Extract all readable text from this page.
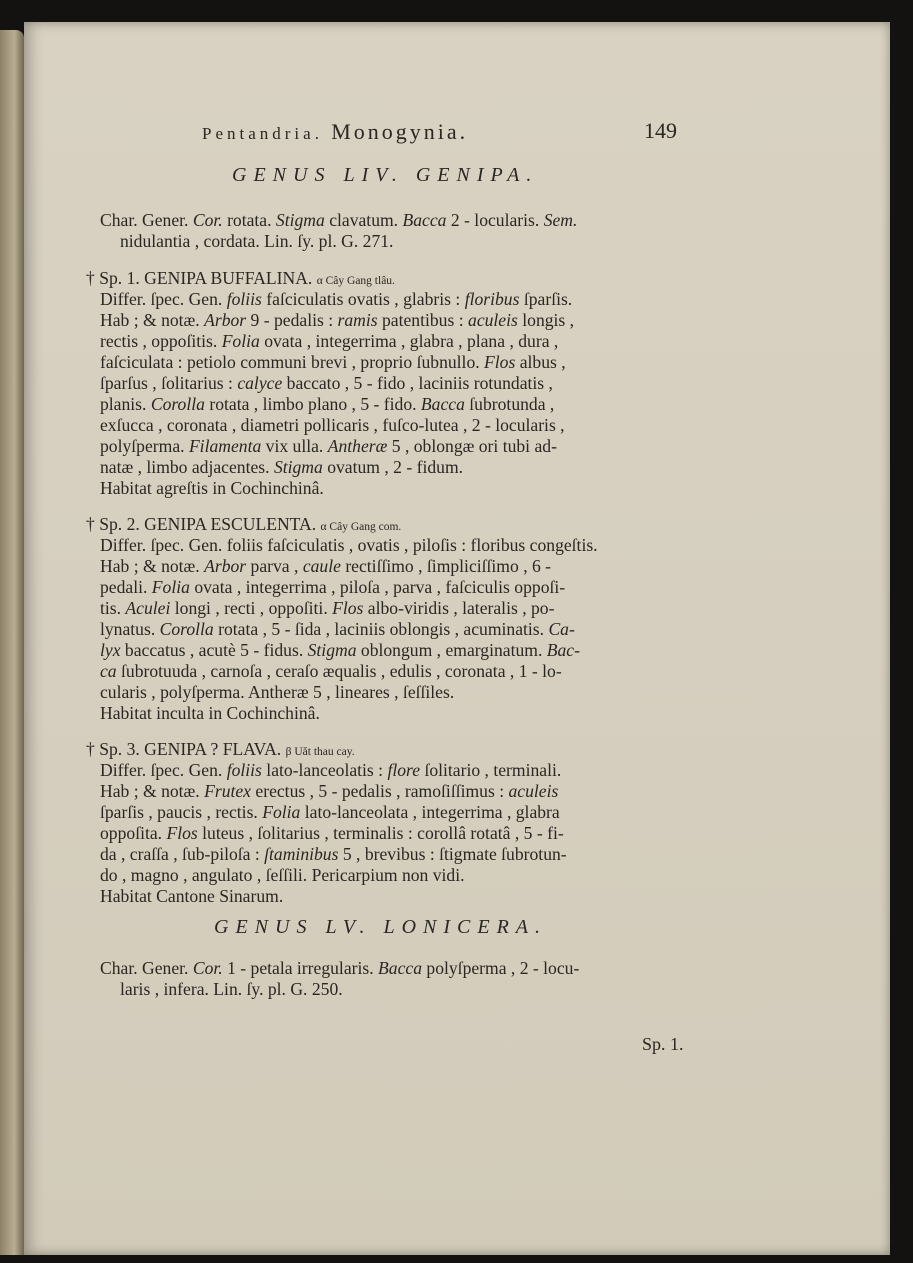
Pentandria. Monogynia.	149
GENUS LIV. GENIPA.
Char. Gener. Cor. rotata. Stigma clavatum. Bacca 2 - locularis. Sem.
nidulantia , cordata. Lin. ſy. pl. G. 271.
† Sp. 1. GENIPA BUFFALINA. α Cây Gang tlâu.
Differ. ſpec. Gen. foliis faſciculatis ovatis , glabris : floribus ſparſis.
Hab ; & notæ. Arbor 9 - pedalis : ramis patentibus : aculeis longis ,
rectis , oppoſitis. Folia ovata , integerrima , glabra , plana , dura ,
faſciculata : petiolo communi brevi , proprio ſubnullo. Flos albus ,
ſparſus , ſolitarius : calyce baccato , 5 - fido , laciniis rotundatis ,
planis. Corolla rotata , limbo plano , 5 - fido. Bacca ſubrotunda ,
exſucca , coronata , diametri pollicaris , fuſco-lutea , 2 - locularis ,
polyſperma. Filamenta vix ulla. Antheræ 5 , oblongæ ori tubi ad-
natæ , limbo adjacentes. Stigma ovatum , 2 - fidum.
Habitat agreſtis in Cochinchinâ.
† Sp. 2. GENIPA ESCULENTA. α Cây Gang com.
Differ. ſpec. Gen. foliis faſciculatis , ovatis , piloſis : floribus congeſtis.
Hab ; & notæ. Arbor parva , caule rectiſſimo , ſimpliciſſimo , 6 -
pedali. Folia ovata , integerrima , piloſa , parva , faſciculis oppoſi-
tis. Aculei longi , recti , oppoſiti. Flos albo-viridis , lateralis , po-
lynatus. Corolla rotata , 5 - ſida , laciniis oblongis , acuminatis. Ca-
lyx baccatus , acutè 5 - fidus. Stigma oblongum , emarginatum. Bac-
ca ſubrotuuda , carnoſa , ceraſo æqualis , edulis , coronata , 1 - lo-
cularis , polyſperma. Antheræ 5 , lineares , ſeſſiles.
Habitat inculta in Cochinchinâ.
† Sp. 3. GENIPA ? FLAVA. β Uăt thau cay.
Differ. ſpec. Gen. foliis lato-lanceolatis : flore ſolitario , terminali.
Hab ; & notæ. Frutex erectus , 5 - pedalis , ramoſiſſimus : aculeis
ſparſis , paucis , rectis. Folia lato-lanceolata , integerrima , glabra
oppoſita. Flos luteus , ſolitarius , terminalis : corollâ rotatâ , 5 - fi-
da , craſſa , ſub-piloſa : ſtaminibus 5 , brevibus : ſtigmate ſubrotun-
do , magno , angulato , ſeſſili. Pericarpium non vidi.
Habitat Cantone Sinarum.
GENUS LV. LONICERA.
Char. Gener. Cor. 1 - petala irregularis. Bacca polyſperma , 2 - locu-
laris , infera. Lin. ſy. pl. G. 250.
Sp. 1.
